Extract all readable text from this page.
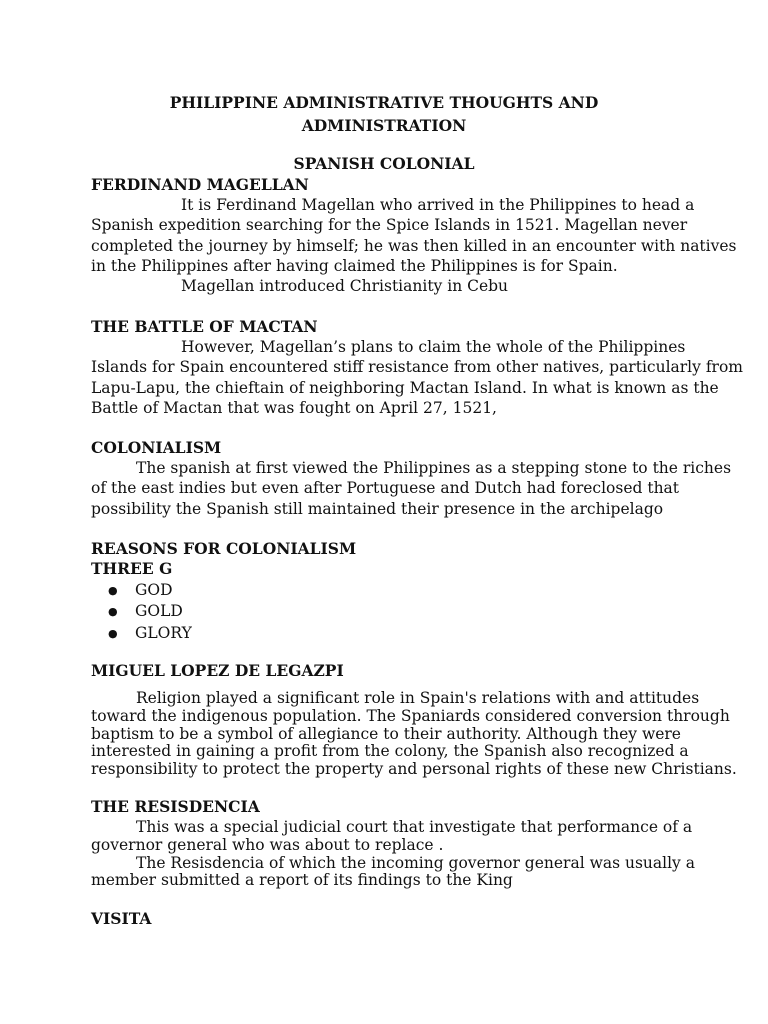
PHILIPPINE ADMINISTRATIVE THOUGHTS AND
ADMINISTRATION

SPANISH COLONIAL

FERDINAND MAGELLAN

It is Ferdinand Magellan who arrived in the Philippines to head a
Spanish expedition searching for the Spice Islands in 1521. Magellan never
completed the journey by himself; he was then killed in an encounter with natives
in the Philippines after having claimed the Philippines is for Spain.
Magellan introduced Christianity in Cebu

THE BATTLE OF MACTAN

However, Magellan’s plans to claim the whole of the Philippines
Islands for Spain encountered stiff resistance from other natives, particularly from
Lapu-Lapu, the chieftain of neighboring Mactan Island. In what is known as the
Battle of Mactan that was fought on April 27, 1521,

COLONIALISM

The spanish at first viewed the Philippines as a stepping stone to the riches
of the east indies but even after Portuguese and Dutch had foreclosed that
possibility the Spanish still maintained their presence in the archipelago

REASONS FOR COLONIALISM

THREE G

● GOD
● GOLD
● GLORY

MIGUEL LOPEZ DE LEGAZPI

Religion played a significant role in Spain's relations with and attitudes
toward the indigenous population. The Spaniards considered conversion through
baptism to be a symbol of allegiance to their authority. Although they were
interested in gaining a profit from the colony, the Spanish also recognized a
responsibility to protect the property and personal rights of these new Christians.

THE RESISDENCIA

This was a special judicial court that investigate that performance of a
governor general who was about to replace .
The Resisdencia of which the incoming governor general was usually a
member submitted a report of its findings to the King

VISITA
